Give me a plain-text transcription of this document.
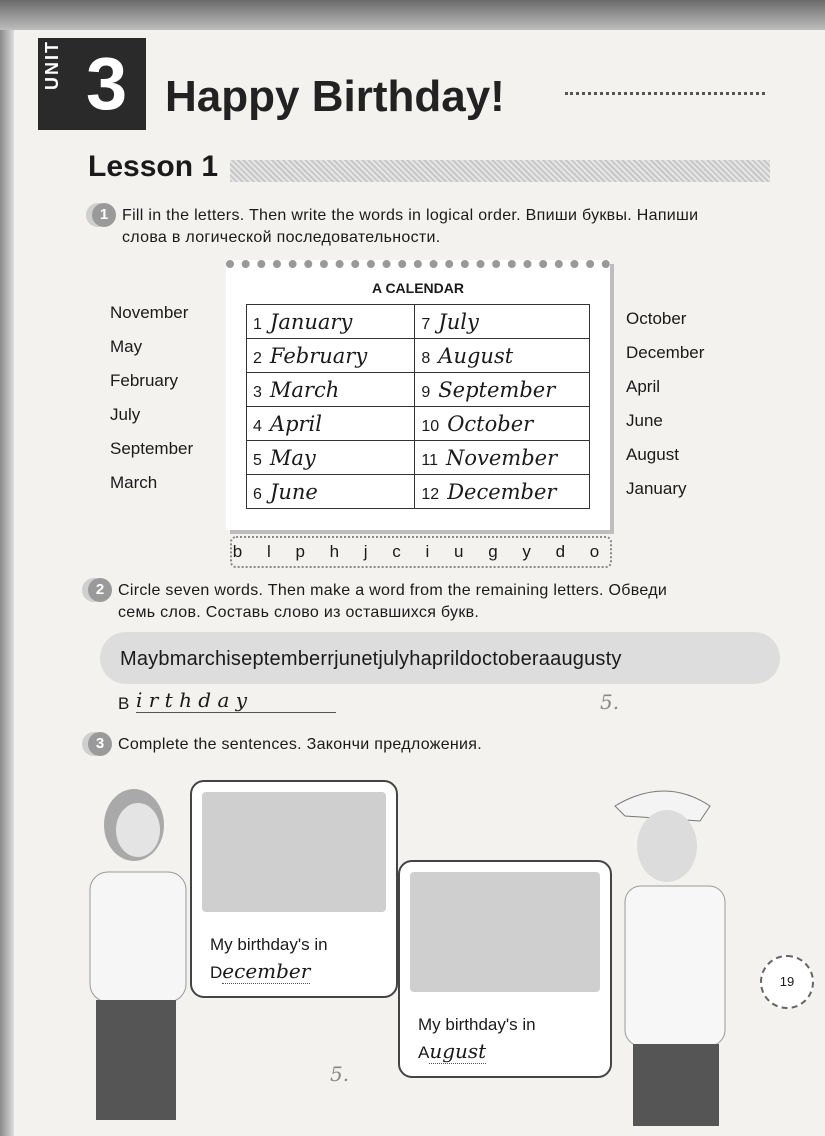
UNIT 3 Happy Birthday!
Lesson 1
1 Fill in the letters. Then write the words in logical order. Впиши буквы. Напиши слова в логической последовательности.
November
May
February
July
September
March
A CALENDAR
1 January	7 July
2 February	8 August
3 March	9 September
4 April	10 October
5 May	11 November
6 June	12 December
October
December
April
June
August
January
b l p h j c i u g y d o
2 Circle seven words. Then make a word from the remaining letters. Обведи семь слов. Составь слово из оставшихся букв.
Maybmarchiseptemberrjunetjulyhaprildoctoberaaugusty
B i r t h d a y	5.
3 Complete the sentences. Закончи предложения.
My birthday's in
December
My birthday's in
August
5.
19
